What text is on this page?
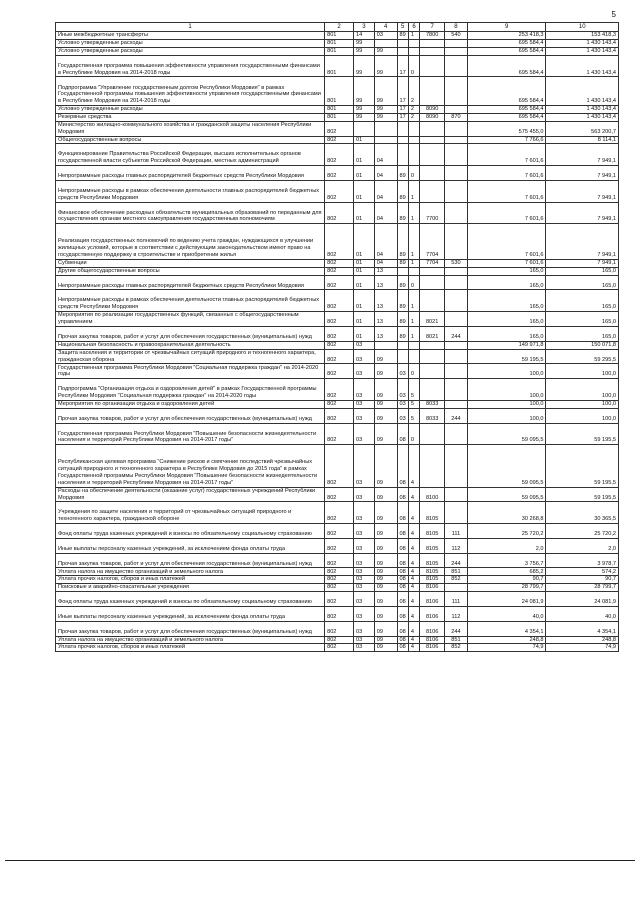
5
1	2	3	4	5	6	7	8	9	10
Иные межбюджетные трансферты	801	14	03	89	1	7800	540	253 418,3	153 418,3
Условно утвержденные расходы	801	99						695 584,4	1 430 143,4
Условно утвержденные расходы	801	99	99					695 584,4	1 430 143,4
Государственная программа повышения эффективности управления государственными финансами в Республике Мордовия на 2014-2018 годы	801	99	99	17	0			695 584,4	1 430 143,4
Подпрограмма "Управление государственным долгом Республики Мордовия" в рамках Государственной программы повышения эффективности управления государственными финансами в Республике Мордовия на 2014-2018 годы	801	99	99	17	2			695 584,4	1 430 143,4
Условно утвержденные расходы	801	99	99	17	2	8090		695 584,4	1 430 143,4
Резервные средства	801	99	99	17	2	8090	870	695 584,4	1 430 143,4
Министерство жилищно-коммунального хозяйства и гражданской защиты населения Республики Мордовия	802							575 455,0	563 200,7
Общегосударственные вопросы	802	01						7 766,6	8 114,1
Функционирование Правительства Российской Федерации, высших исполнительных органов государственной власти субъектов Российской Федерации, местных администраций	802	01	04					7 601,6	7 949,1
Непрограммные расходы главных распорядителей бюджетных средств Республики Мордовия	802	01	04	89	0			7 601,6	7 949,1
Непрограммные расходы в рамках обеспечения деятельности главных распорядителей бюджетных средств Республики Мордовия	802	01	04	89	1			7 601,6	7 949,1
Финансовое обеспечение расходных обязательств муниципальных образований по переданным для осуществления органам местного самоуправления государственным полномочиям	802	01	04	89	1	7700		7 601,6	7 949,1
Реализация государственных полномочий по ведению учета граждан, нуждающихся в улучшении жилищных условий, которые в соответствии с действующим законодательством имеют право на государственную поддержку в строительстве и приобретении жилья	802	01	04	89	1	7704		7 601,6	7 949,1
Субвенции	802	01	04	89	1	7704	530	7 601,6	7 949,1
Другие общегосударственные вопросы	802	01	13					165,0	165,0
Непрограммные расходы главных распорядителей бюджетных средств Республики Мордовия	802	01	13	89	0			165,0	165,0
Непрограммные расходы в рамках обеспечения деятельности главных распорядителей бюджетных средств Республики Мордовия	802	01	13	89	1			165,0	165,0
Мероприятия по реализации государственных функций, связанных с общегосударственным управлением	802	01	13	89	1	8021		165,0	165,0
Прочая закупка товаров, работ и услуг для обеспечения государственных (муниципальных) нужд	802	01	13	89	1	8021	244	165,0	165,0
Национальная безопасность и правоохранительная деятельность	802	03						149 971,8	150 071,8
Защита населения и территории от чрезвычайных ситуаций природного и техногенного характера, гражданская оборона	802	03	09					59 195,5	59 295,5
Государственная программа Республики Мордовия "Социальная поддержка граждан" на 2014-2020 годы	802	03	09	03	0			100,0	100,0
Подпрограмма "Организация отдыха и оздоровления детей" в рамках Государственной программы Республики Мордовия "Социальная поддержка граждан" на 2014-2020 годы	802	03	09	03	5			100,0	100,0
Мероприятия по организации отдыха и оздоровления детей	802	03	09	03	5	8033		100,0	100,0
Прочая закупка товаров, работ и услуг для обеспечения государственных (муниципальных) нужд	802	03	09	03	5	8033	244	100,0	100,0
Государственная программа Республики Мордовия "Повышение безопасности жизнедеятельности населения и территорий Республики Мордовия на 2014-2017 годы"	802	03	09	08	0			59 095,5	59 195,5
Республиканская целевая программа "Снижение рисков и смягчение последствий чрезвычайных ситуаций природного и техногенного характера в Республике Мордовия до 2015 года" в рамках Государственной программы Республики Мордовия "Повышение безопасности жизнедеятельности населения и территорий Республики Мордовия на 2014-2017 годы"	802	03	09	08	4			59 095,5	59 195,5
Расходы на обеспечение деятельности (оказание услуг) государственных учреждений Республики Мордовия	802	03	09	08	4	8100		59 095,5	59 195,5
Учреждения по защите населения и территорий от чрезвычайных ситуаций природного и техногенного характера, гражданской обороне	802	03	09	08	4	8105		30 268,8	30 365,5
Фонд оплаты труда казенных учреждений и взносы по обязательному социальному страхованию	802	03	09	08	4	8105	111	25 720,2	25 720,2
Иные выплаты персоналу казенных учреждений, за исключением фонда оплаты труда	802	03	09	08	4	8105	112	2,0	2,0
Прочая закупка товаров, работ и услуг для обеспечения государственных (муниципальных) нужд	802	03	09	08	4	8105	244	3 756,7	3 978,7
Уплата налога на имущество организаций и земельного налога	802	03	09	08	4	8105	851	685,2	574,2
Уплата прочих налогов, сборов и иных платежей	802	03	09	08	4	8105	852	90,7	90,7
Поисковые и аварийно-спасательные учреждения	802	03	09	08	4	8106		28 799,7	28 799,7
Фонд оплаты труда казенных учреждений и взносы по обязательному социальному страхованию	802	03	09	08	4	8106	111	24 081,9	24 081,9
Иные выплаты персоналу казенных учреждений, за исключением фонда оплаты труда	802	03	09	08	4	8106	112	40,0	40,0
Прочая закупка товаров, работ и услуг для обеспечения государственных (муниципальных) нужд	802	03	09	08	4	8106	244	4 354,1	4 354,1
Уплата налога на имущество организаций и земельного налога	802	03	09	08	4	8106	851	248,8	248,8
Уплата прочих налогов, сборов и иных платежей	802	03	09	08	4	8106	852	74,9	74,9
